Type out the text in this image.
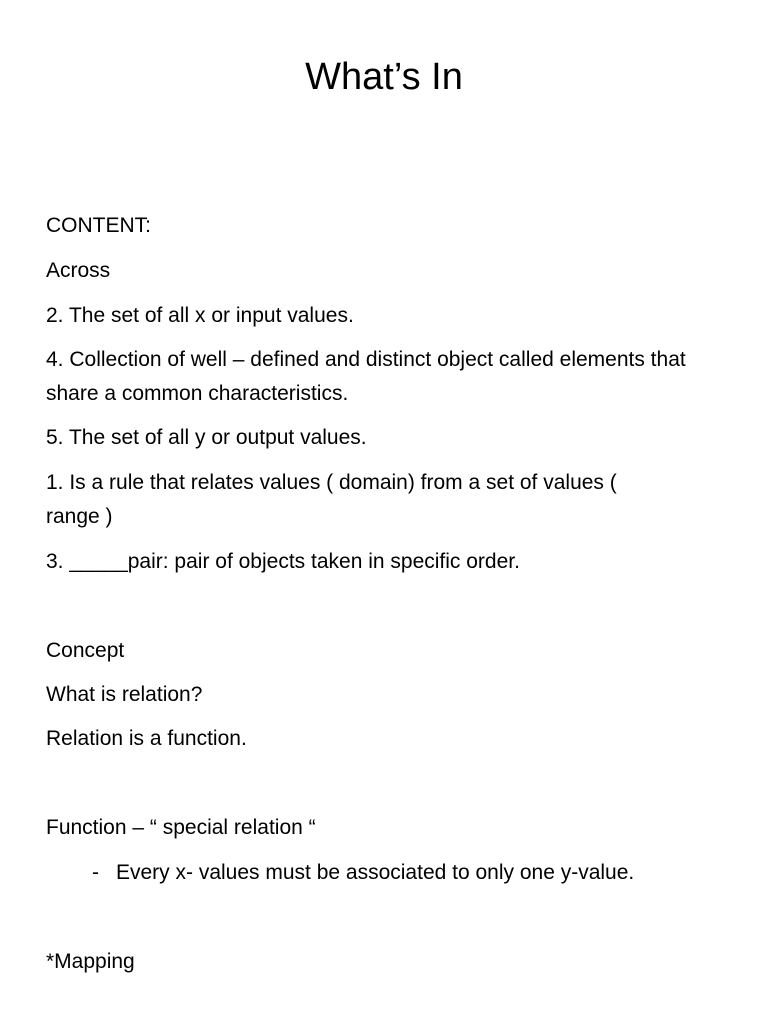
What’s In

CONTENT:

Across

2. The set of all x or input values.

4. Collection of well – defined and distinct object called elements that share a common characteristics.

5. The set of all y or output values.

1. Is a rule that relates values ( domain) from a set of values ( range )

3. _____pair: pair of objects taken in specific order.

Concept

What is relation?

Relation is a function.

Function – “ special relation “

- Every x- values must be associated to only one y-value.

*Mapping
